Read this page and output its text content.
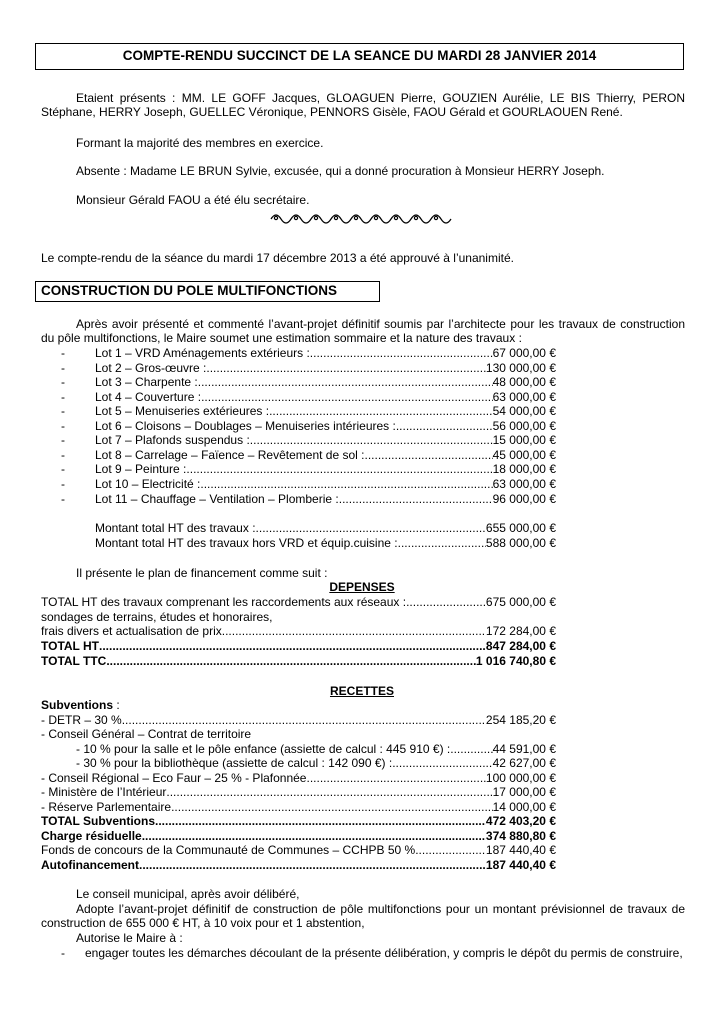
COMPTE-RENDU SUCCINCT DE LA SEANCE DU MARDI 28 JANVIER 2014
Etaient présents : MM. LE GOFF Jacques, GLOAGUEN Pierre, GOUZIEN Aurélie, LE BIS Thierry, PERON Stéphane, HERRY Joseph, GUELLEC Véronique, PENNORS Gisèle, FAOU Gérald et GOURLAOUEN René.
Formant la majorité des membres en exercice.
Absente : Madame LE BRUN Sylvie, excusée, qui a donné procuration à Monsieur HERRY Joseph.
Monsieur Gérald FAOU a été élu secrétaire.
Le compte-rendu de la séance du mardi 17 décembre 2013 a été approuvé à l’unanimité.
CONSTRUCTION DU POLE MULTIFONCTIONS
Après avoir présenté et commenté l’avant-projet définitif soumis par l’architecte pour les travaux de construction du pôle multifonctions, le Maire soumet une estimation sommaire et la nature des travaux :
-	Lot 1 – VRD Aménagements extérieurs : .....	67 000,00 €
-	Lot 2 – Gros-œuvre : .....	130 000,00 €
-	Lot 3 – Charpente : .....	48 000,00 €
-	Lot 4 – Couverture : .....	63 000,00 €
-	Lot 5 – Menuiseries extérieures : .....	54 000,00 €
-	Lot 6 – Cloisons – Doublages – Menuiseries intérieures : .....	56 000,00 €
-	Lot 7 – Plafonds suspendus : .....	15 000,00 €
-	Lot 8 – Carrelage – Faïence – Revêtement de sol : .....	45 000,00 €
-	Lot 9 – Peinture : .....	18 000,00 €
-	Lot 10 – Electricité : .....	63 000,00 €
-	Lot 11 – Chauffage – Ventilation – Plomberie : .....	96 000,00 €
Montant total HT des travaux : .....	655 000,00 €
Montant total HT des travaux hors VRD et équip.cuisine : .....	588 000,00 €
Il présente le plan de financement comme suit :
DEPENSES
TOTAL HT des travaux comprenant les raccordements aux réseaux : .....	675 000,00 €
sondages de terrains, études et honoraires,
frais divers et actualisation de prix .....	172 284,00 €
TOTAL HT .....	847 284,00 €
TOTAL TTC .....	1 016 740,80 €
RECETTES
Subventions :
- DETR – 30 % .....	254 185,20 €
- Conseil Général – Contrat de territoire
- 10 % pour la salle et le pôle enfance (assiette de calcul : 445 910 €) : .....	44 591,00 €
- 30 % pour la bibliothèque (assiette de calcul : 142 090 €) : .....	42 627,00 €
- Conseil Régional – Eco Faur – 25 % - Plafonnée .....	100 000,00 €
- Ministère de l’Intérieur .....	17 000,00 €
- Réserve Parlementaire .....	14 000,00 €
TOTAL Subventions .....	472 403,20 €
Charge résiduelle .....	374 880,80 €
Fonds de concours de la Communauté de Communes – CCHPB 50 % .....	187 440,40 €
Autofinancement .....	187 440,40 €
Le conseil municipal, après avoir délibéré,
Adopte l’avant-projet définitif de construction de pôle multifonctions pour un montant prévisionnel de travaux de construction de 655 000 € HT, à 10 voix pour et 1 abstention,
Autorise le Maire à :
-	engager toutes les démarches découlant de la présente délibération, y compris le dépôt du permis de construire,
